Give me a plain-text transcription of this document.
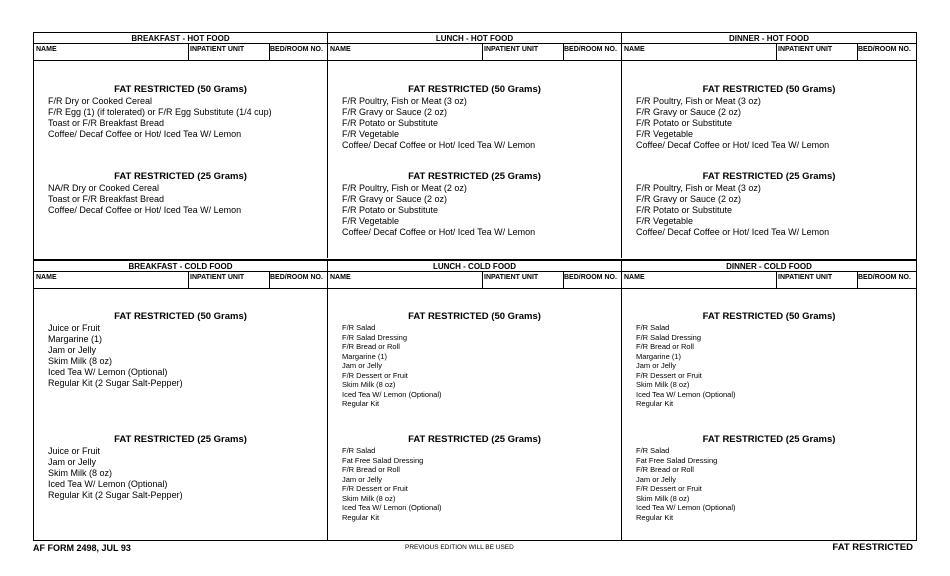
BREAKFAST - HOT FOOD
NAME	INPATIENT UNIT	BED/ROOM NO.
FAT RESTRICTED (50 Grams)
F/R Dry or Cooked Cereal
F/R Egg (1) (if tolerated) or F/R Egg Substitute (1/4 cup)
Toast or F/R Breakfast Bread
Coffee/ Decaf Coffee or Hot/ Iced Tea W/ Lemon
FAT RESTRICTED (25 Grams)
NA/R Dry or Cooked Cereal
Toast or F/R Breakfast Bread
Coffee/ Decaf Coffee or Hot/ Iced Tea W/ Lemon
LUNCH - HOT FOOD
NAME	INPATIENT UNIT	BED/ROOM NO.
FAT RESTRICTED (50 Grams)
F/R Poultry, Fish or Meat (3 oz)
F/R Gravy or Sauce (2 oz)
F/R Potato or Substitute
F/R Vegetable
Coffee/ Decaf Coffee or Hot/ Iced Tea W/ Lemon
FAT RESTRICTED (25 Grams)
F/R Poultry, Fish or Meat (2 oz)
F/R Gravy or Sauce (2 oz)
F/R Potato or Substitute
F/R Vegetable
Coffee/ Decaf Coffee or Hot/ Iced Tea W/ Lemon
DINNER - HOT FOOD
NAME	INPATIENT UNIT	BED/ROOM NO.
FAT RESTRICTED (50 Grams)
F/R Poultry, Fish or Meat (3 oz)
F/R Gravy or Sauce (2 oz)
F/R Potato or Substitute
F/R Vegetable
Coffee/ Decaf Coffee or Hot/ Iced Tea W/ Lemon
FAT RESTRICTED (25 Grams)
F/R Poultry, Fish or Meat (3 oz)
F/R Gravy or Sauce (2 oz)
F/R Potato or Substitute
F/R Vegetable
Coffee/ Decaf Coffee or Hot/ Iced Tea W/ Lemon
BREAKFAST - COLD FOOD
NAME	INPATIENT UNIT	BED/ROOM NO.
FAT RESTRICTED (50 Grams)
Juice or Fruit
Margarine (1)
Jam or Jelly
Skim Milk (8 oz)
Iced Tea W/ Lemon (Optional)
Regular Kit (2 Sugar Salt-Pepper)
FAT RESTRICTED (25 Grams)
Juice or Fruit
Jam or Jelly
Skim Milk (8 oz)
Iced Tea W/ Lemon (Optional)
Regular Kit (2 Sugar Salt-Pepper)
LUNCH - COLD FOOD
NAME	INPATIENT UNIT	BED/ROOM NO.
FAT RESTRICTED (50 Grams)
F/R Salad
F/R Salad Dressing
F/R Bread or Roll
Margarine (1)
Jam or Jelly
F/R Dessert or Fruit
Skim Milk (8 oz)
Iced Tea W/ Lemon (Optional)
Regular Kit
FAT RESTRICTED (25 Grams)
F/R Salad
Fat Free Salad Dressing
F/R Bread or Roll
Jam or Jelly
F/R Dessert or Fruit
Skim Milk (8 oz)
Iced Tea W/ Lemon (Optional)
Regular Kit
DINNER - COLD FOOD
NAME	INPATIENT UNIT	BED/ROOM NO.
FAT RESTRICTED (50 Grams)
F/R Salad
F/R Salad Dressing
F/R Bread or Roll
Margarine (1)
Jam or Jelly
F/R Dessert or Fruit
Skim Milk (8 oz)
Iced Tea W/ Lemon (Optional)
Regular Kit
FAT RESTRICTED (25 Grams)
F/R Salad
Fat Free Salad Dressing
F/R Bread or Roll
Jam or Jelly
F/R Dessert or Fruit
Skim Milk (8 oz)
Iced Tea W/ Lemon (Optional)
Regular Kit
AF FORM 2498, JUL 93	PREVIOUS EDITION WILL BE USED	FAT RESTRICTED
